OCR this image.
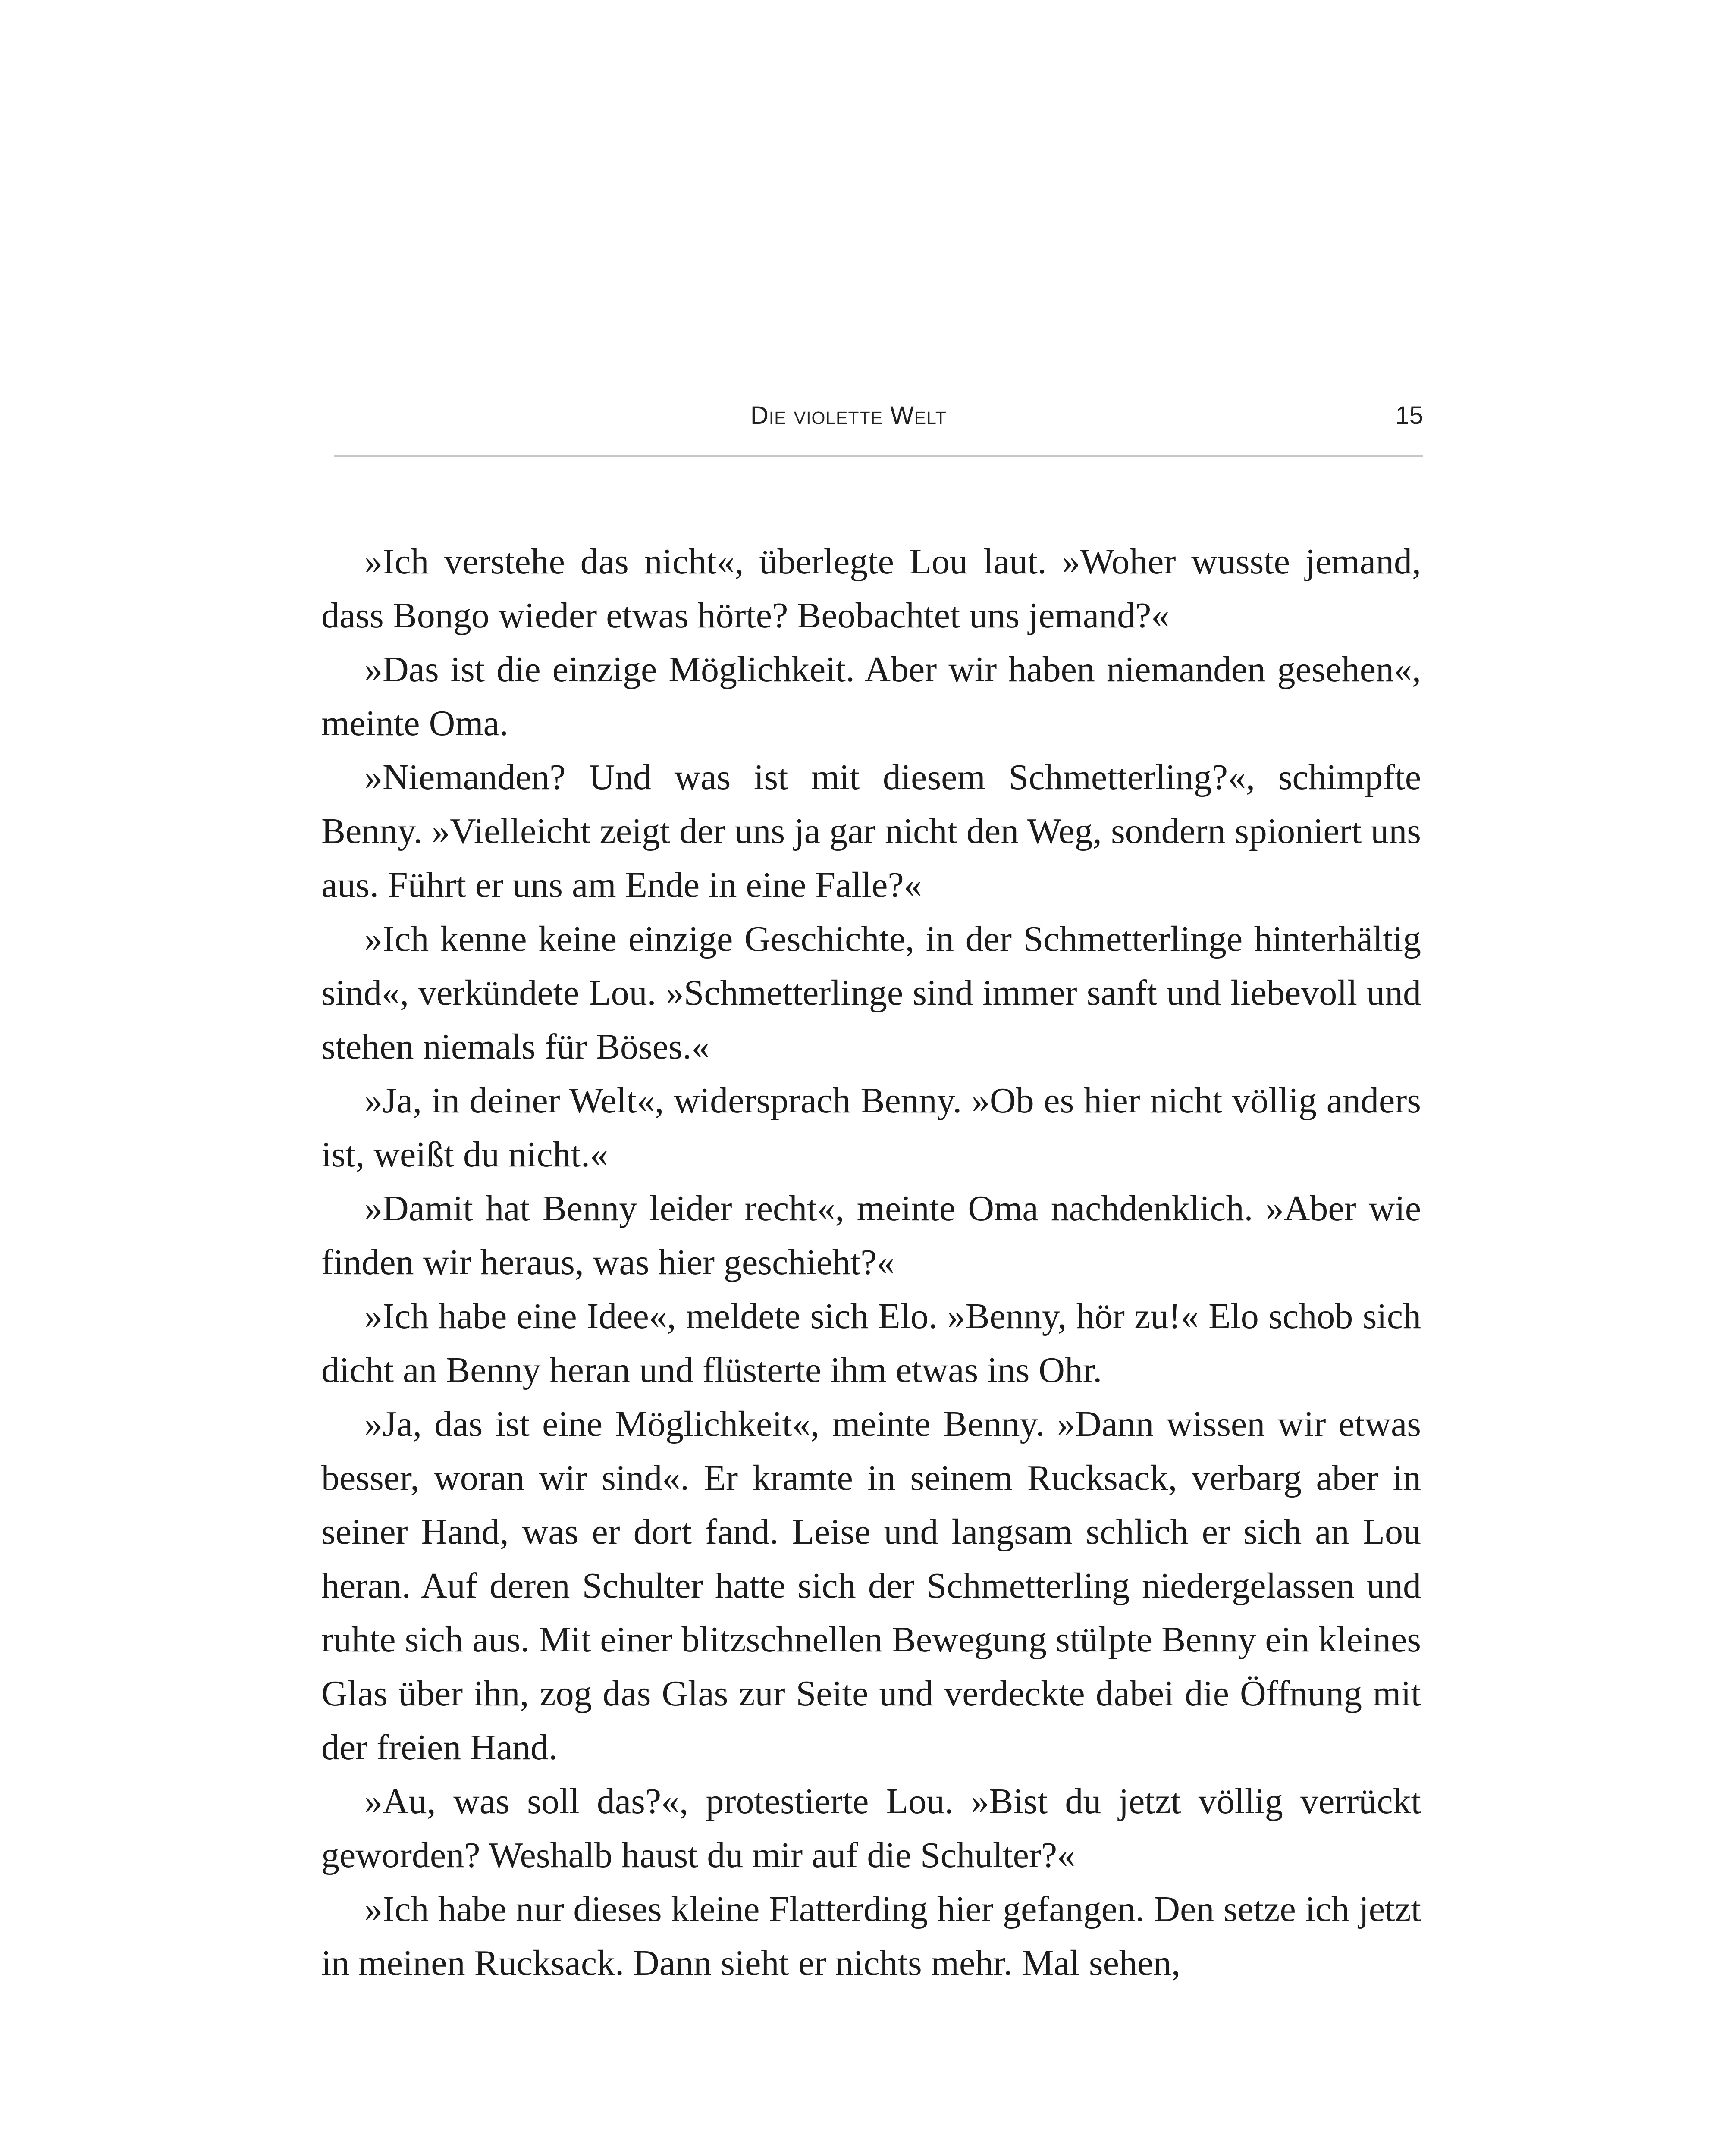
Die violette Welt	15

»Ich verstehe das nicht«, überlegte Lou laut. »Woher wusste jemand, dass Bongo wieder etwas hörte? Beobachtet uns jemand?«

»Das ist die einzige Möglichkeit. Aber wir haben niemanden gesehen«, meinte Oma.

»Niemanden? Und was ist mit diesem Schmetterling?«, schimpfte Benny. »Vielleicht zeigt der uns ja gar nicht den Weg, sondern spioniert uns aus. Führt er uns am Ende in eine Falle?«

»Ich kenne keine einzige Geschichte, in der Schmetterlinge hinterhältig sind«, verkündete Lou. »Schmetterlinge sind immer sanft und liebevoll und stehen niemals für Böses.«

»Ja, in deiner Welt«, widersprach Benny. »Ob es hier nicht völlig anders ist, weißt du nicht.«

»Damit hat Benny leider recht«, meinte Oma nachdenklich. »Aber wie finden wir heraus, was hier geschieht?«

»Ich habe eine Idee«, meldete sich Elo. »Benny, hör zu!« Elo schob sich dicht an Benny heran und flüsterte ihm etwas ins Ohr.

»Ja, das ist eine Möglichkeit«, meinte Benny. »Dann wissen wir etwas besser, woran wir sind«. Er kramte in seinem Rucksack, verbarg aber in seiner Hand, was er dort fand. Leise und langsam schlich er sich an Lou heran. Auf deren Schulter hatte sich der Schmetterling niedergelassen und ruhte sich aus. Mit einer blitzschnellen Bewegung stülpte Benny ein kleines Glas über ihn, zog das Glas zur Seite und verdeckte dabei die Öffnung mit der freien Hand.

»Au, was soll das?«, protestierte Lou. »Bist du jetzt völlig verrückt geworden? Weshalb haust du mir auf die Schulter?«

»Ich habe nur dieses kleine Flatterding hier gefangen. Den setze ich jetzt in meinen Rucksack. Dann sieht er nichts mehr. Mal sehen,
